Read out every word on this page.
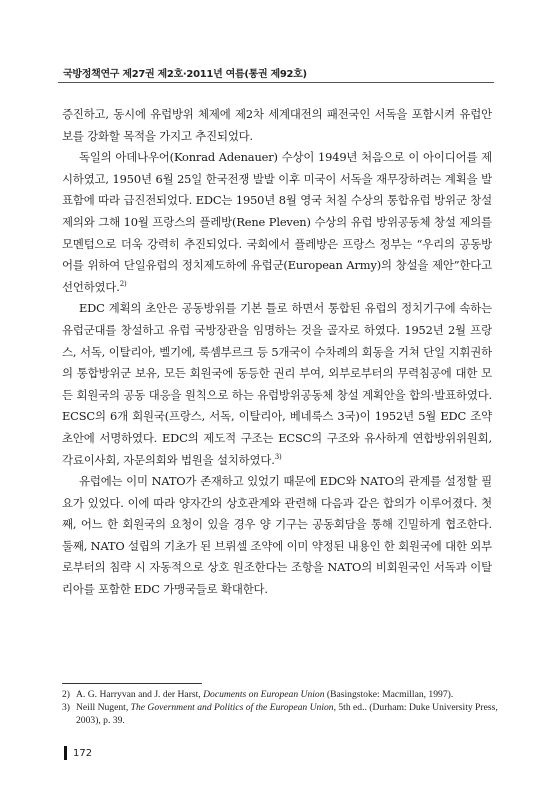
국방정책연구 제27권 제2호·2011년 여름(통권 제92호)

증진하고, 동시에 유럽방위 체제에 제2차 세계대전의 패전국인 서독을 포함시켜 유럽안보를 강화할 목적을 가지고 추진되었다.

독일의 아데나우어(Konrad Adenauer) 수상이 1949년 처음으로 이 아이디어를 제시하였고, 1950년 6월 25일 한국전쟁 발발 이후 미국이 서독을 재무장하려는 계획을 발표함에 따라 급진전되었다. EDC는 1950년 8월 영국 처칠 수상의 통합유럽 방위군 창설 제의와 그해 10월 프랑스의 플레방(Rene Pleven) 수상의 유럽 방위공동체 창설 제의를 모멘텀으로 더욱 강력히 추진되었다. 국회에서 플레방은 프랑스 정부는 “우리의 공동방어를 위하여 단일유럽의 정치제도하에 유럽군(European Army)의 창설을 제안”한다고 선언하였다.$^{2)}$

EDC 계획의 초안은 공동방위를 기본 틀로 하면서 통합된 유럽의 정치기구에 속하는 유럽군대를 창설하고 유럽 국방장관을 임명하는 것을 골자로 하였다. 1952년 2월 프랑스, 서독, 이탈리아, 벨기에, 룩셈부르크 등 5개국이 수차례의 회동을 거쳐 단일 지휘권하의 통합방위군 보유, 모든 회원국에 동등한 권리 부여, 외부로부터의 무력침공에 대한 모든 회원국의 공동 대응을 원칙으로 하는 유럽방위공동체 창설 계획안을 합의·발표하였다. ECSC의 6개 회원국(프랑스, 서독, 이탈리아, 베네룩스 3국)이 1952년 5월 EDC 조약 초안에 서명하였다. EDC의 제도적 구조는 ECSC의 구조와 유사하게 연합방위위원회, 각료이사회, 자문의회와 법원을 설치하였다.$^{3)}$

유럽에는 이미 NATO가 존재하고 있었기 때문에 EDC와 NATO의 관계를 설정할 필요가 있었다. 이에 따라 양자간의 상호관계와 관련해 다음과 같은 합의가 이루어졌다. 첫째, 어느 한 회원국의 요청이 있을 경우 양 기구는 공동회담을 통해 긴밀하게 협조한다. 둘째, NATO 설립의 기초가 된 브뤼셀 조약에 이미 약정된 내용인 한 회원국에 대한 외부로부터의 침략 시 자동적으로 상호 원조한다는 조항을 NATO의 비회원국인 서독과 이탈리아를 포함한 EDC 가맹국들로 확대한다.

2) A. G. Harryvan and J. der Harst, Documents on European Union (Basingstoke: Macmillan, 1997).
3) Neill Nugent, The Government and Politics of the European Union, 5th ed.. (Durham: Duke University Press, 2003), p. 39.
172
